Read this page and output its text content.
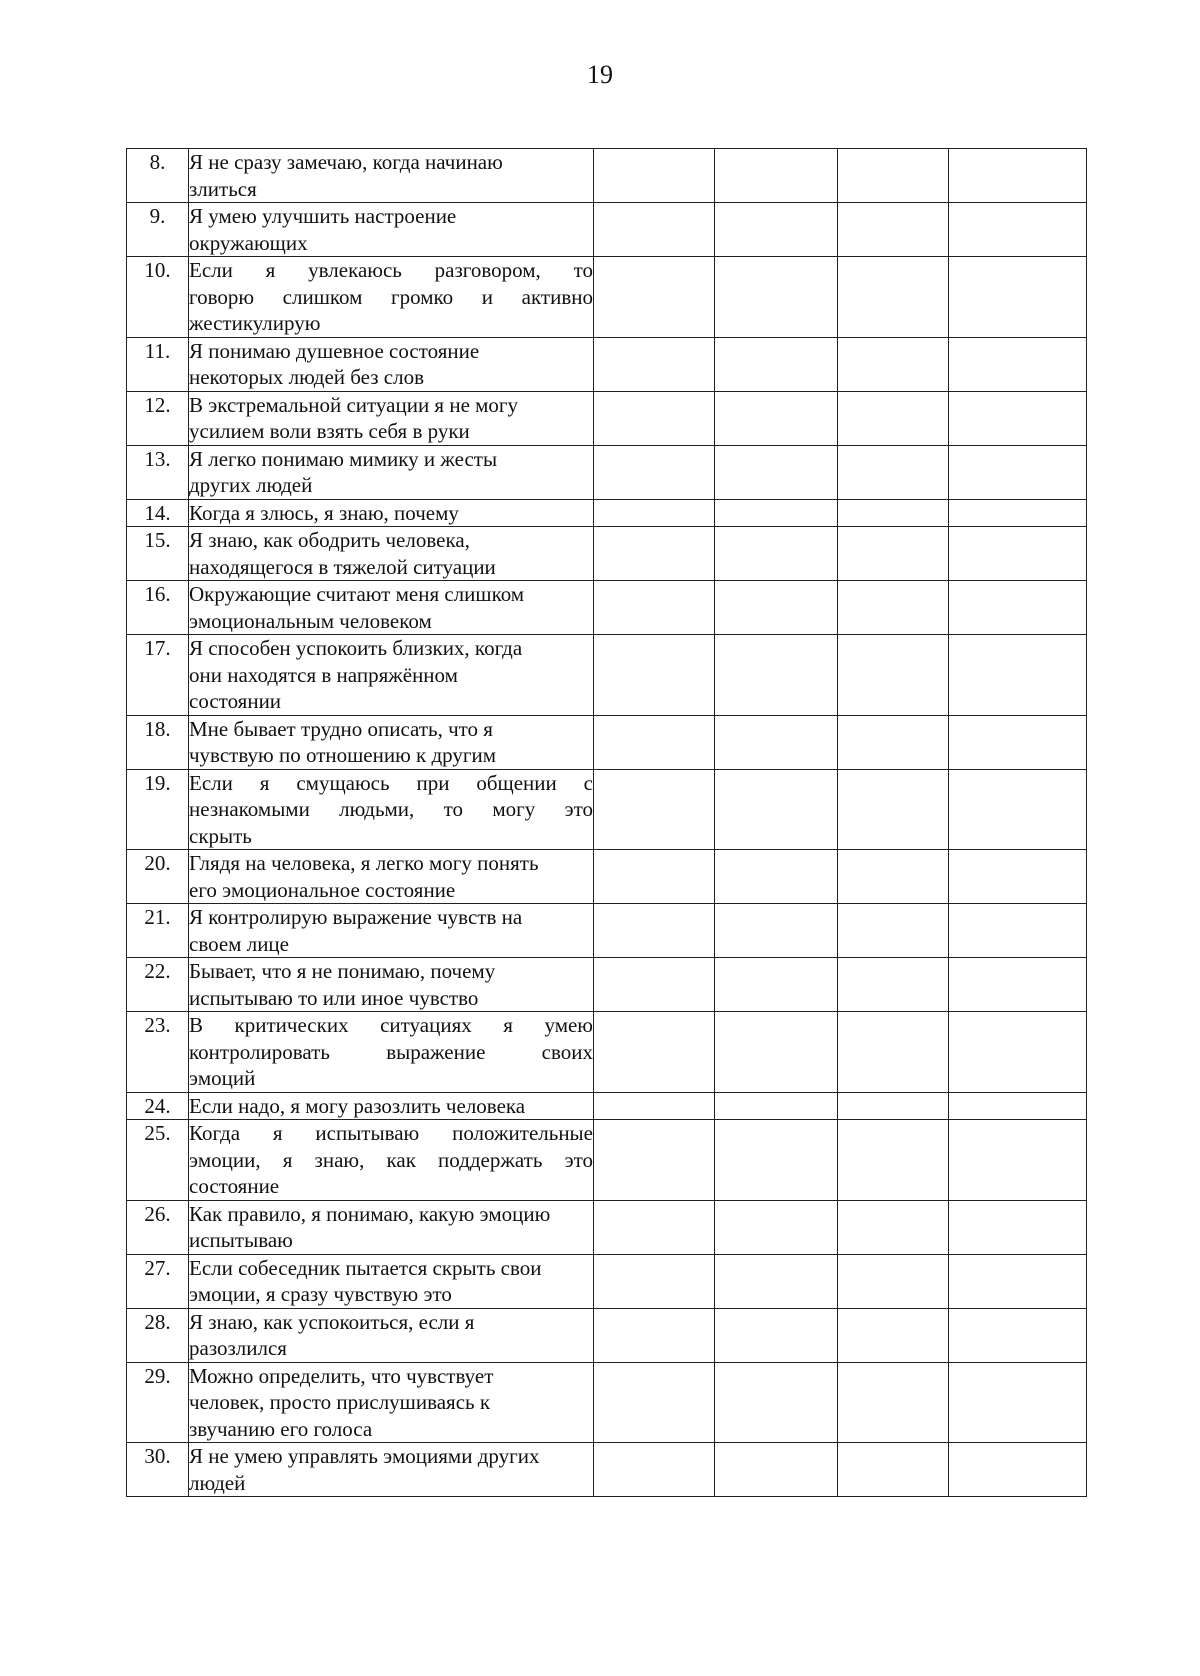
19
8.	Я не сразу замечаю, когда начинаю
злиться				
9.	Я умею улучшить настроение
окружающих				
10.	Если я увлекаюсь разговором, то
говорю слишком громко и активно
жестикулирую				

11.	Я понимаю душевное состояние
некоторых людей без слов				
12.	В экстремальной ситуации я не могу
усилием воли взять себя в руки				
13.	Я легко понимаю мимику и жесты
других людей				
14.	Когда я злюсь, я знаю, почему				
15.	Я знаю, как ободрить человека,
находящегося в тяжелой ситуации				
16.	Окружающие считают меня слишком
эмоциональным человеком				
17.	Я способен успокоить близких, когда
они находятся в напряжённом
состоянии				
18.	Мне бывает трудно описать, что я
чувствую по отношению к другим				
19.	Если я смущаюсь при общении с
незнакомыми людьми, то могу это
скрыть				

20.	Глядя на человека, я легко могу понять
его эмоциональное состояние				
21.	Я контролирую выражение чувств на
своем лице				
22.	Бывает, что я не понимаю, почему
испытываю то или иное чувство				
23.	В критических ситуациях я умею
контролировать выражение своих
эмоций				

24.	Если надо, я могу разозлить человека				
25.	Когда я испытываю положительные
эмоции, я знаю, как поддержать это
состояние				

26.	Как правило, я понимаю, какую эмоцию
испытываю				
27.	Если собеседник пытается скрыть свои
эмоции, я сразу чувствую это				
28.	Я знаю, как успокоиться, если я
разозлился				
29.	Можно определить, что чувствует
человек, просто прислушиваясь к
звучанию его голоса				
30.	Я не умею управлять эмоциями других
людей				
